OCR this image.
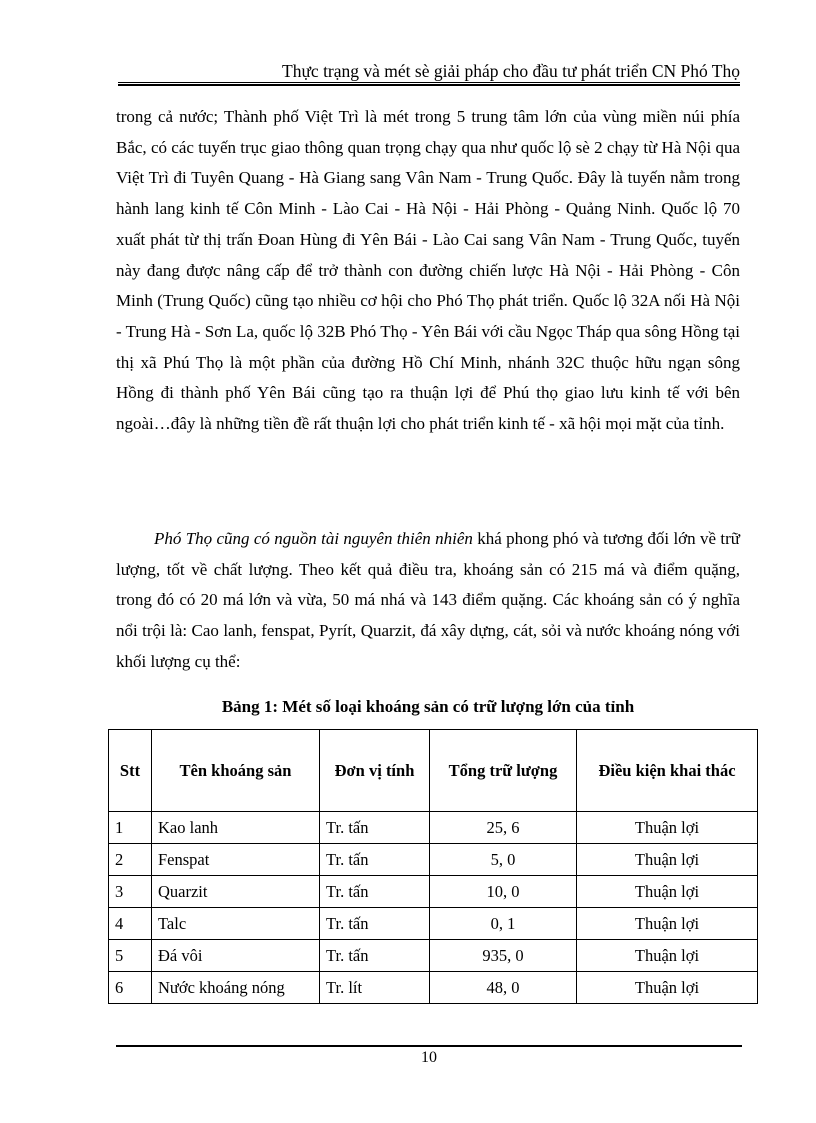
Thực trạng và mét sè giải pháp cho đầu tư phát triển CN Phó Thọ
trong cả nước; Thành phố Việt Trì là mét trong 5 trung tâm lớn của vùng miền núi phía Bắc, có các tuyến trục giao thông quan trọng chạy qua như quốc lộ sè 2 chạy từ Hà Nội qua Việt Trì đi Tuyên Quang - Hà Giang sang Vân Nam - Trung Quốc. Đây là tuyến nằm trong hành lang kinh tế Côn Minh - Lào Cai - Hà Nội - Hải Phòng - Quảng Ninh. Quốc lộ 70 xuất phát từ thị trấn Đoan Hùng đi Yên Bái - Lào Cai sang Vân Nam - Trung Quốc, tuyến này đang được nâng cấp để trở thành con đường chiến lược Hà Nội - Hải Phòng - Côn Minh (Trung Quốc) cũng tạo nhiều cơ hội cho Phó Thọ phát triển. Quốc lộ 32A nối Hà Nội - Trung Hà - Sơn La, quốc lộ 32B Phó Thọ - Yên Bái với cầu Ngọc Tháp qua sông Hồng tại thị xã Phú Thọ là một phần của đường Hồ Chí Minh, nhánh 32C thuộc hữu ngạn sông Hồng đi thành phố Yên Bái cũng tạo ra thuận lợi để Phú thọ giao lưu kinh tế với bên ngoài…đây là những tiền đề rất thuận lợi cho phát triển kinh tế - xã hội mọi mặt của tỉnh.
Phó Thọ cũng có nguồn tài nguyên thiên nhiên khá phong phó và tương đối lớn về trữ lượng, tốt về chất lượng. Theo kết quả điều tra, khoáng sản có 215 má và điểm quặng, trong đó có 20 má lớn và vừa, 50 má nhá và 143 điểm quặng. Các khoáng sản có ý nghĩa nổi trội là: Cao lanh, fenspat, Pyrít, Quarzit, đá xây dựng, cát, sỏi và nước khoáng nóng với khối lượng cụ thể:
Bảng 1: Mét số loại khoáng sản có trữ lượng lớn của tỉnh
Stt	Tên khoáng sản	Đơn vị tính	Tổng trữ lượng	Điều kiện khai thác
1	Kao lanh	Tr. tấn	25, 6	Thuận lợi
2	Fenspat	Tr. tấn	5, 0	Thuận lợi
3	Quarzit	Tr. tấn	10, 0	Thuận lợi
4	Talc	Tr. tấn	0, 1	Thuận lợi
5	Đá vôi	Tr. tấn	935, 0	Thuận lợi
6	Nước khoáng nóng	Tr. lít	48, 0	Thuận lợi
10
